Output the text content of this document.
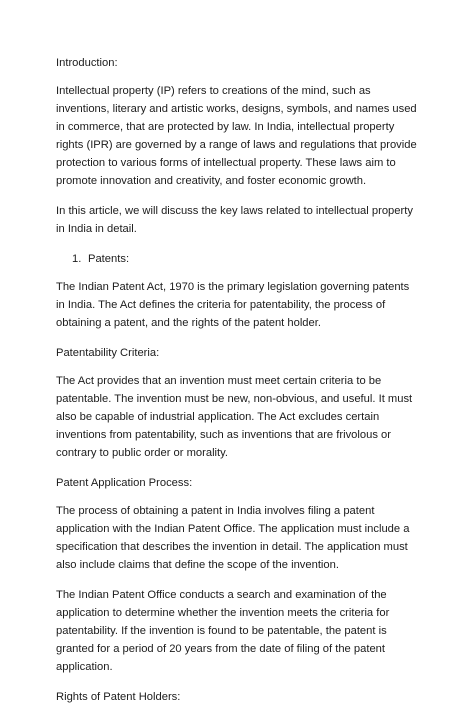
Introduction:

Intellectual property (IP) refers to creations of the mind, such as inventions, literary and artistic works, designs, symbols, and names used in commerce, that are protected by law. In India, intellectual property rights (IPR) are governed by a range of laws and regulations that provide protection to various forms of intellectual property. These laws aim to promote innovation and creativity, and foster economic growth.

In this article, we will discuss the key laws related to intellectual property in India in detail.

1. Patents:

The Indian Patent Act, 1970 is the primary legislation governing patents in India. The Act defines the criteria for patentability, the process of obtaining a patent, and the rights of the patent holder.

Patentability Criteria:

The Act provides that an invention must meet certain criteria to be patentable. The invention must be new, non-obvious, and useful. It must also be capable of industrial application. The Act excludes certain inventions from patentability, such as inventions that are frivolous or contrary to public order or morality.

Patent Application Process:

The process of obtaining a patent in India involves filing a patent application with the Indian Patent Office. The application must include a specification that describes the invention in detail. The application must also include claims that define the scope of the invention.

The Indian Patent Office conducts a search and examination of the application to determine whether the invention meets the criteria for patentability. If the invention is found to be patentable, the patent is granted for a period of 20 years from the date of filing of the patent application.

Rights of Patent Holders:
